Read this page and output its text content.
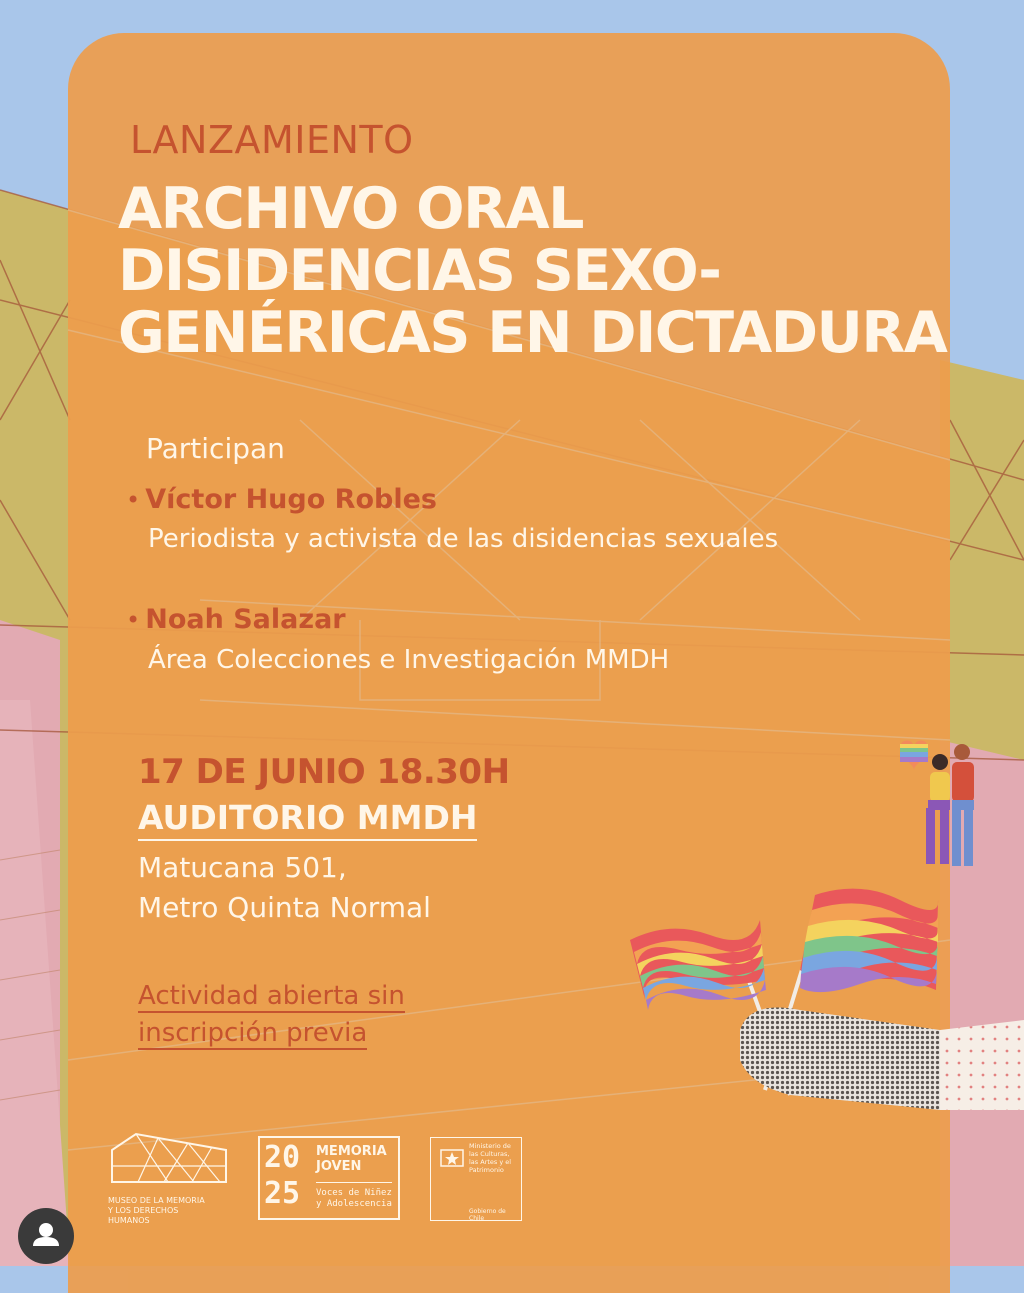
LANZAMIENTO
ARCHIVO ORAL
DISIDENCIAS SEXO-
GENÉRICAS EN DICTADURA
Participan
• Víctor Hugo Robles
Periodista y activista de las disidencias sexuales
• Noah Salazar
Área Colecciones e Investigación MMDH
17 DE JUNIO 18.30H
AUDITORIO MMDH
Matucana 501,
Metro Quinta Normal
Actividad abierta sin
inscripción previa
MUSEO DE LA MEMORIA
Y LOS DERECHOS
HUMANOS
20
25
MEMORIA
JOVEN
Voces de Niñez
y Adolescencia
Ministerio de
las Culturas,
las Artes y el
Patrimonio
Gobierno de Chile
